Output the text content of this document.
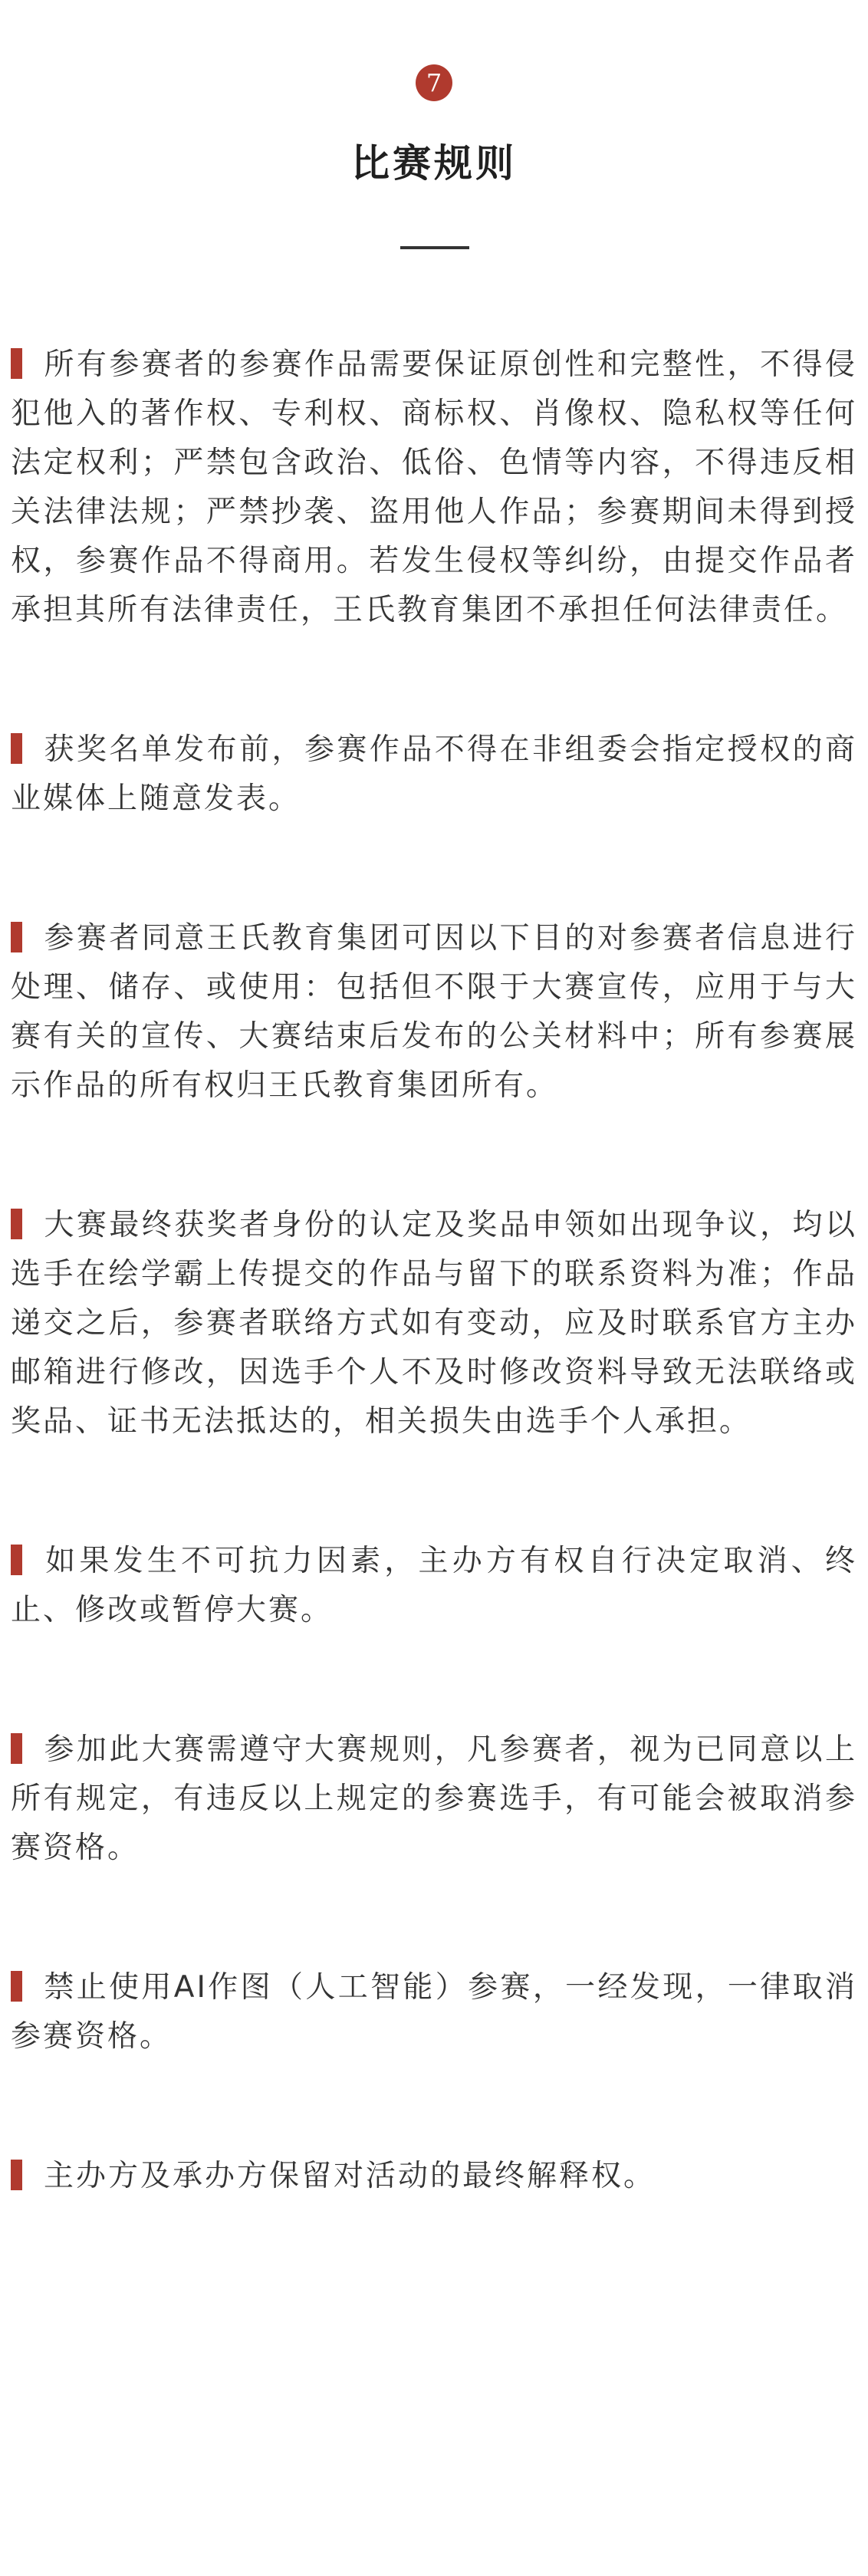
7
比赛规则
所有参赛者的参赛作品需要保证原创性和完整性，不得侵犯他入的著作权、专利权、商标权、肖像权、隐私权等任何法定权利；严禁包含政治、低俗、色情等内容，不得违反相关法律法规；严禁抄袭、盗用他人作品；参赛期间未得到授权，参赛作品不得商用。若发生侵权等纠纷，由提交作品者承担其所有法律责任，王氏教育集团不承担任何法律责任。
获奖名单发布前，参赛作品不得在非组委会指定授权的商业媒体上随意发表。
参赛者同意王氏教育集团可因以下目的对参赛者信息进行处理、储存、或使用：包括但不限于大赛宣传，应用于与大赛有关的宣传、大赛结束后发布的公关材料中；所有参赛展示作品的所有权归王氏教育集团所有。
大赛最终获奖者身份的认定及奖品申领如出现争议，均以选手在绘学霸上传提交的作品与留下的联系资料为准；作品递交之后，参赛者联络方式如有变动，应及时联系官方主办邮箱进行修改，因选手个人不及时修改资料导致无法联络或奖品、证书无法抵达的，相关损失由选手个人承担。
如果发生不可抗力因素，主办方有权自行决定取消、终止、修改或暂停大赛。
参加此大赛需遵守大赛规则，凡参赛者，视为已同意以上所有规定，有违反以上规定的参赛选手，有可能会被取消参赛资格。
禁止使用AI作图（人工智能）参赛，一经发现，一律取消参赛资格。
主办方及承办方保留对活动的最终解释权。
